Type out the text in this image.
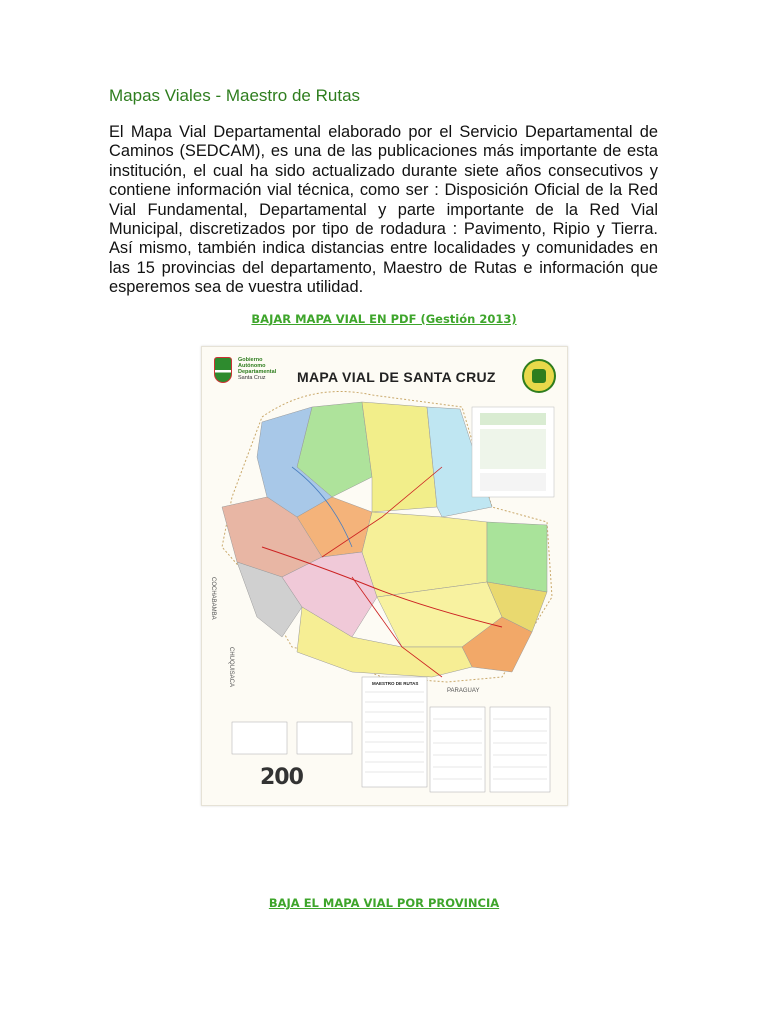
Mapas Viales - Maestro de Rutas

El Mapa Vial Departamental elaborado por el Servicio Departamental de Caminos (SEDCAM), es una de las publicaciones más importante de esta institución, el cual ha sido actualizado durante siete años consecutivos y contiene información vial técnica, como ser : Disposición Oficial de la Red Vial Fundamental, Departamental y parte importante de la Red Vial Municipal, discretizados por tipo de rodadura : Pavimento, Ripio y Tierra. Así mismo, también indica distancias entre localidades y comunidades en las 15 provincias del departamento, Maestro de Rutas e información que esperemos sea de vuestra utilidad.

BAJAR MAPA VIAL EN PDF (Gestión 2013)
Gobierno
Autónomo
Departamental
Santa Cruz	MAPA VIAL DE SANTA CRUZ
COCHABAMBA
CHUQUISACA
PARAGUAY
MAESTRO DE RUTAS
200
BAJA EL MAPA VIAL POR PROVINCIA
